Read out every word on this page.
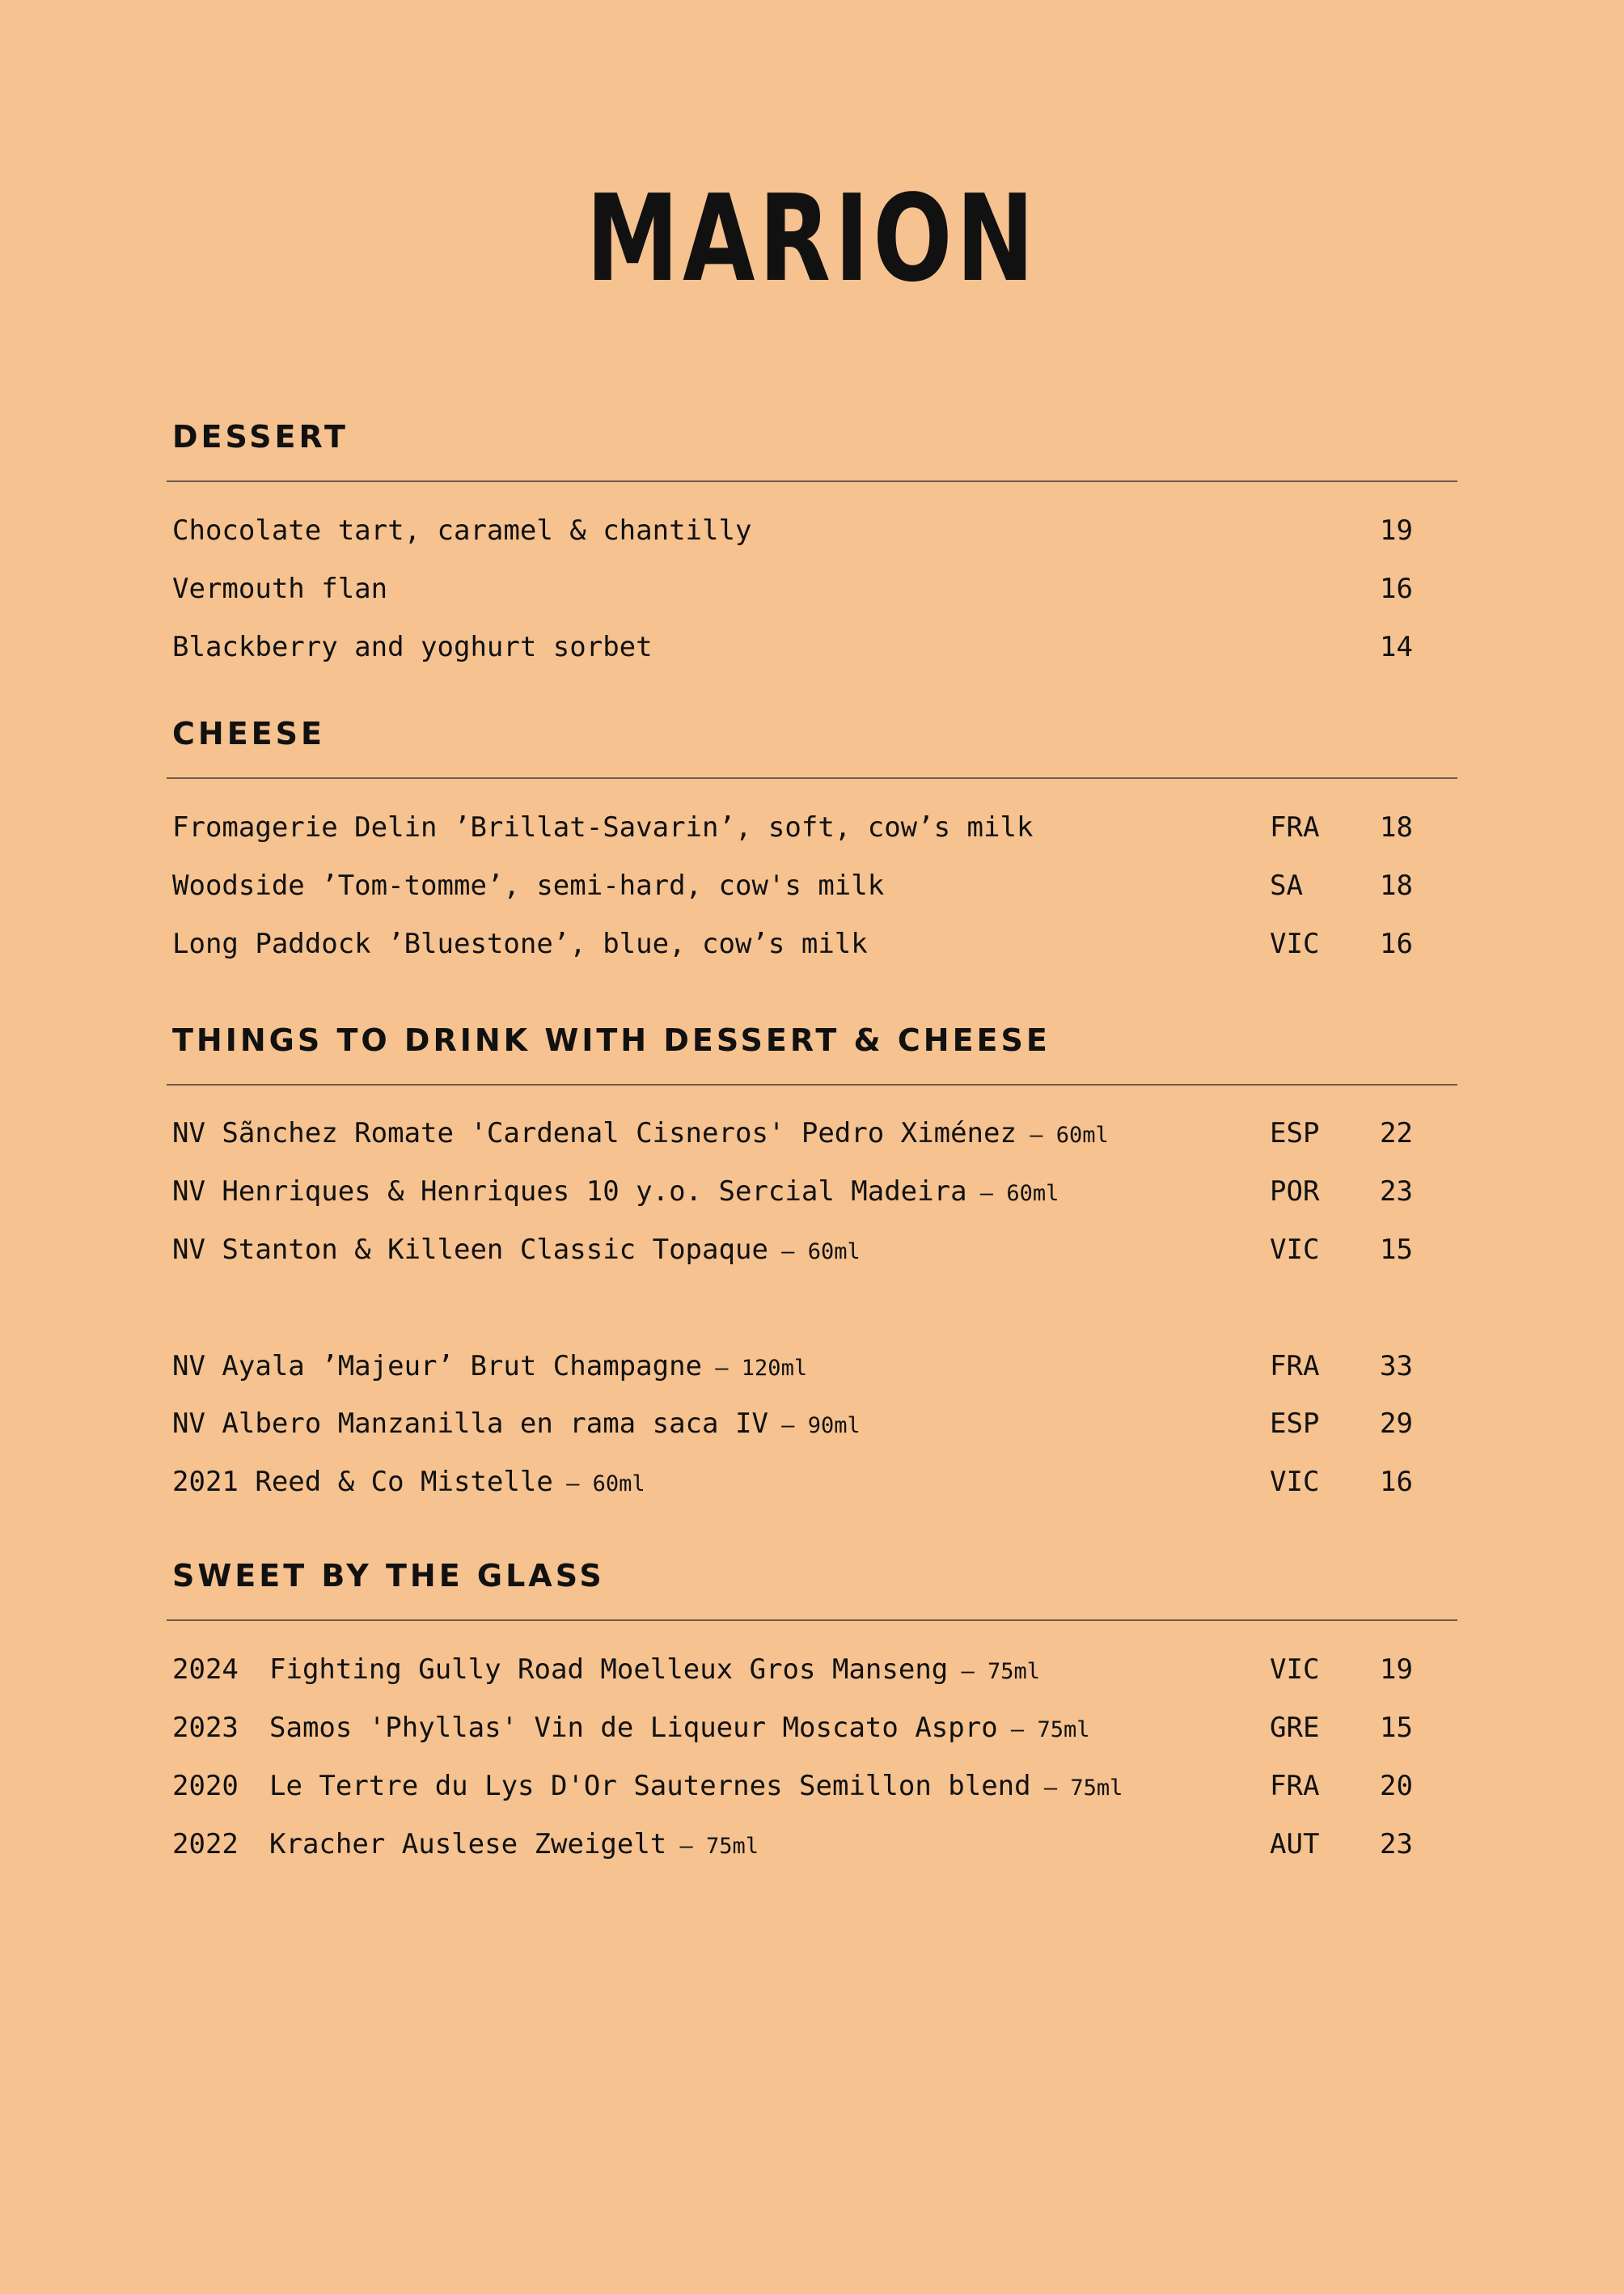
MARION
DESSERT
Chocolate tart, caramel & chantilly	19
Vermouth flan	16
Blackberry and yoghurt sorbet	14
CHEESE
Fromagerie Delin ’Brillat-Savarin’, soft, cow’s milk	FRA 18
Woodside ’Tom-tomme’, semi-hard, cow's milk	SA	18
Long Paddock ’Bluestone’, blue, cow’s milk	VIC 16
THINGS TO DRINK WITH DESSERT & CHEESE
NV Sãnchez Romate 'Cardenal Cisneros' Pedro Ximénez – 60ml	ESP 22
NV Henriques & Henriques 10 y.o. Sercial Madeira – 60ml	POR 23
NV Stanton & Killeen Classic Topaque – 60ml	VIC 15
NV Ayala ’Majeur’ Brut Champagne – 120ml	FRA 33
NV Albero Manzanilla en rama saca IV – 90ml	ESP 29
2021 Reed & Co Mistelle – 60ml	VIC 16
SWEET BY THE GLASS
2024 Fighting Gully Road Moelleux Gros Manseng – 75ml	VIC 19
2023 Samos 'Phyllas' Vin de Liqueur Moscato Aspro – 75ml	GRE 15
2020 Le Tertre du Lys D'Or Sauternes Semillon blend – 75ml	FRA 20
2022 Kracher Auslese Zweigelt – 75ml	AUT 23
